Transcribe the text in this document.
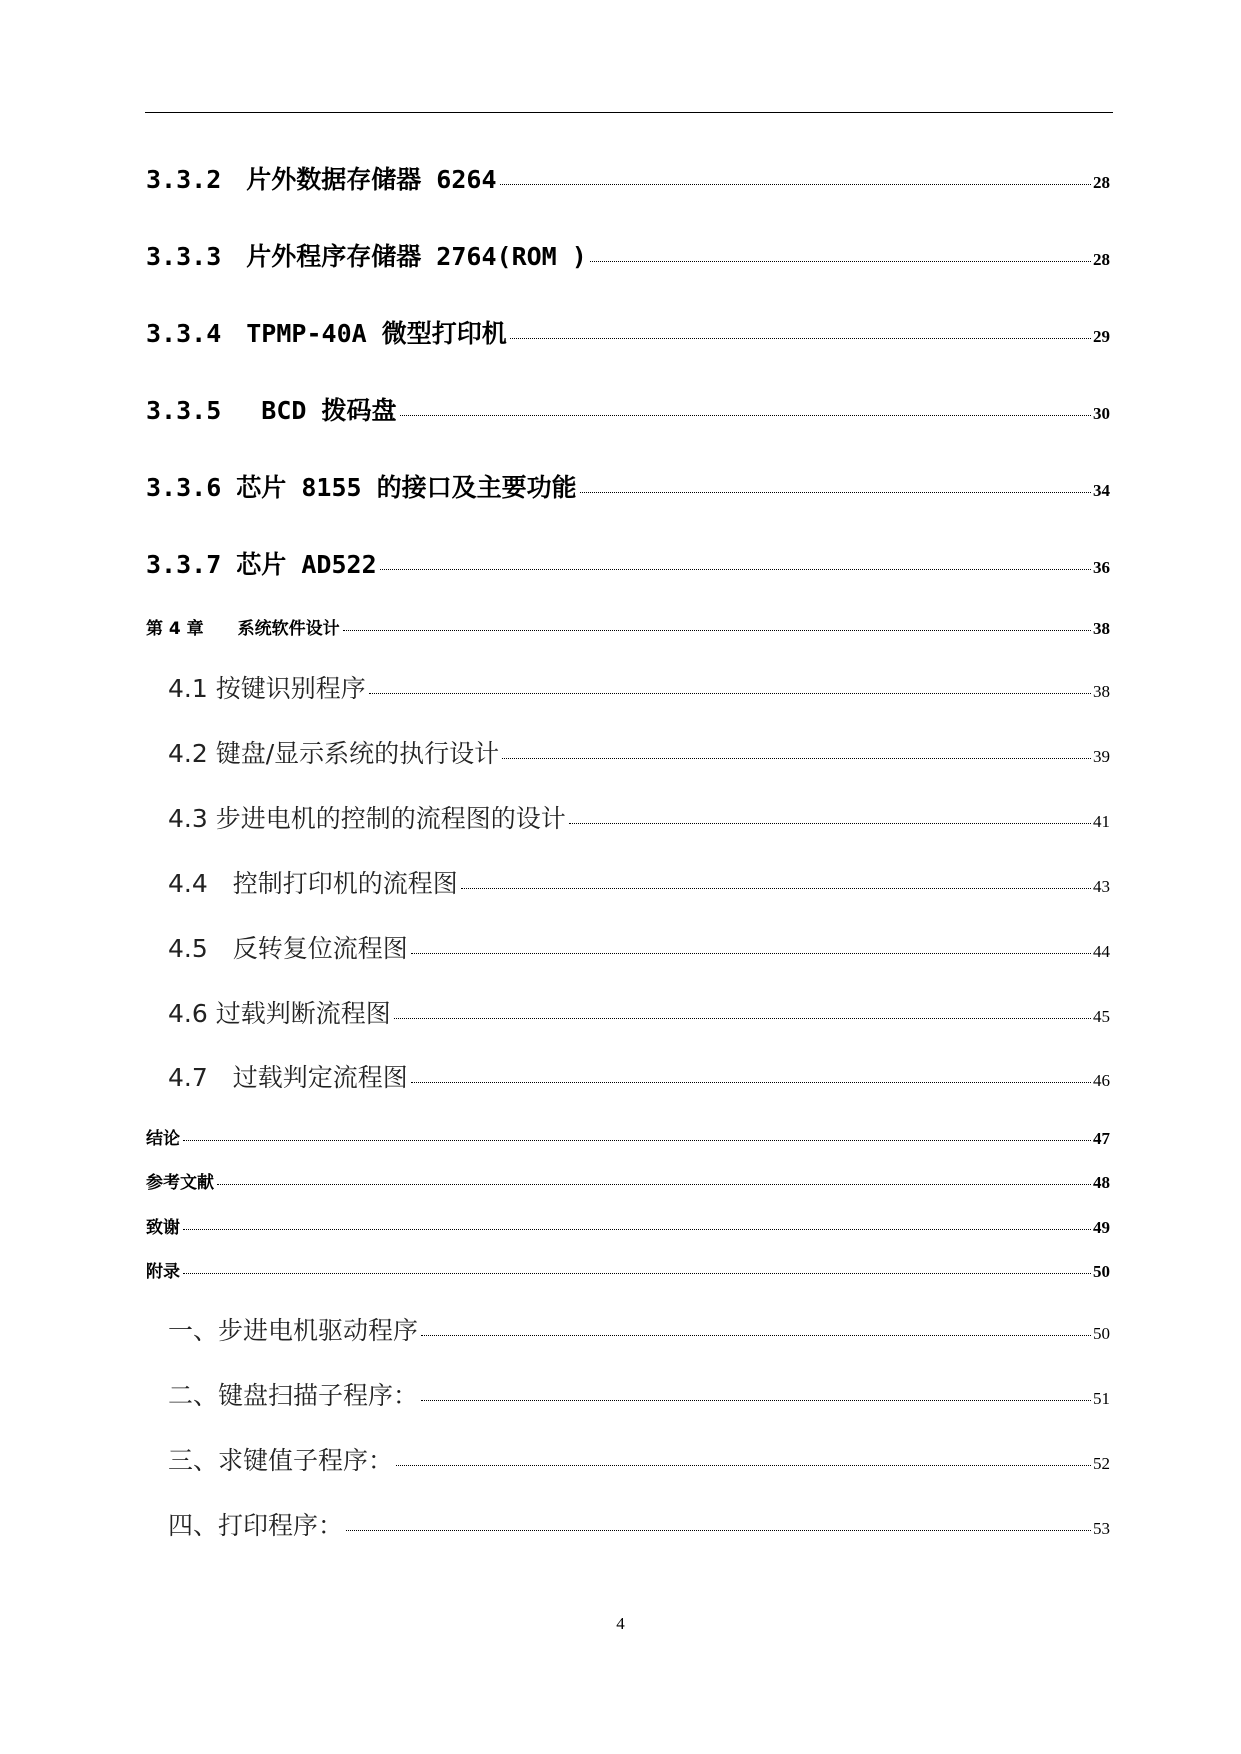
3.3.2　片外数据存储器 6264	28
3.3.3　片外程序存储器 2764(ROM )	28
3.3.4　TPMP-40A 微型打印机	29
3.3.5　 BCD 拨码盘	30
3.3.6 芯片 8155 的接口及主要功能	34
3.3.7 芯片 AD522	36
第 4 章　　系统软件设计	38
4.1 按键识别程序	38
4.2 键盘/显示系统的执行设计	39
4.3 步进电机的控制的流程图的设计	41
4.4　控制打印机的流程图	43
4.5　反转复位流程图	44
4.6 过载判断流程图	45
4.7　过载判定流程图	46
结论	47
参考文献	48
致谢	49
附录	50
一、步进电机驱动程序	50
二、键盘扫描子程序：	51
三、求键值子程序：	52
四、打印程序：	53
4
